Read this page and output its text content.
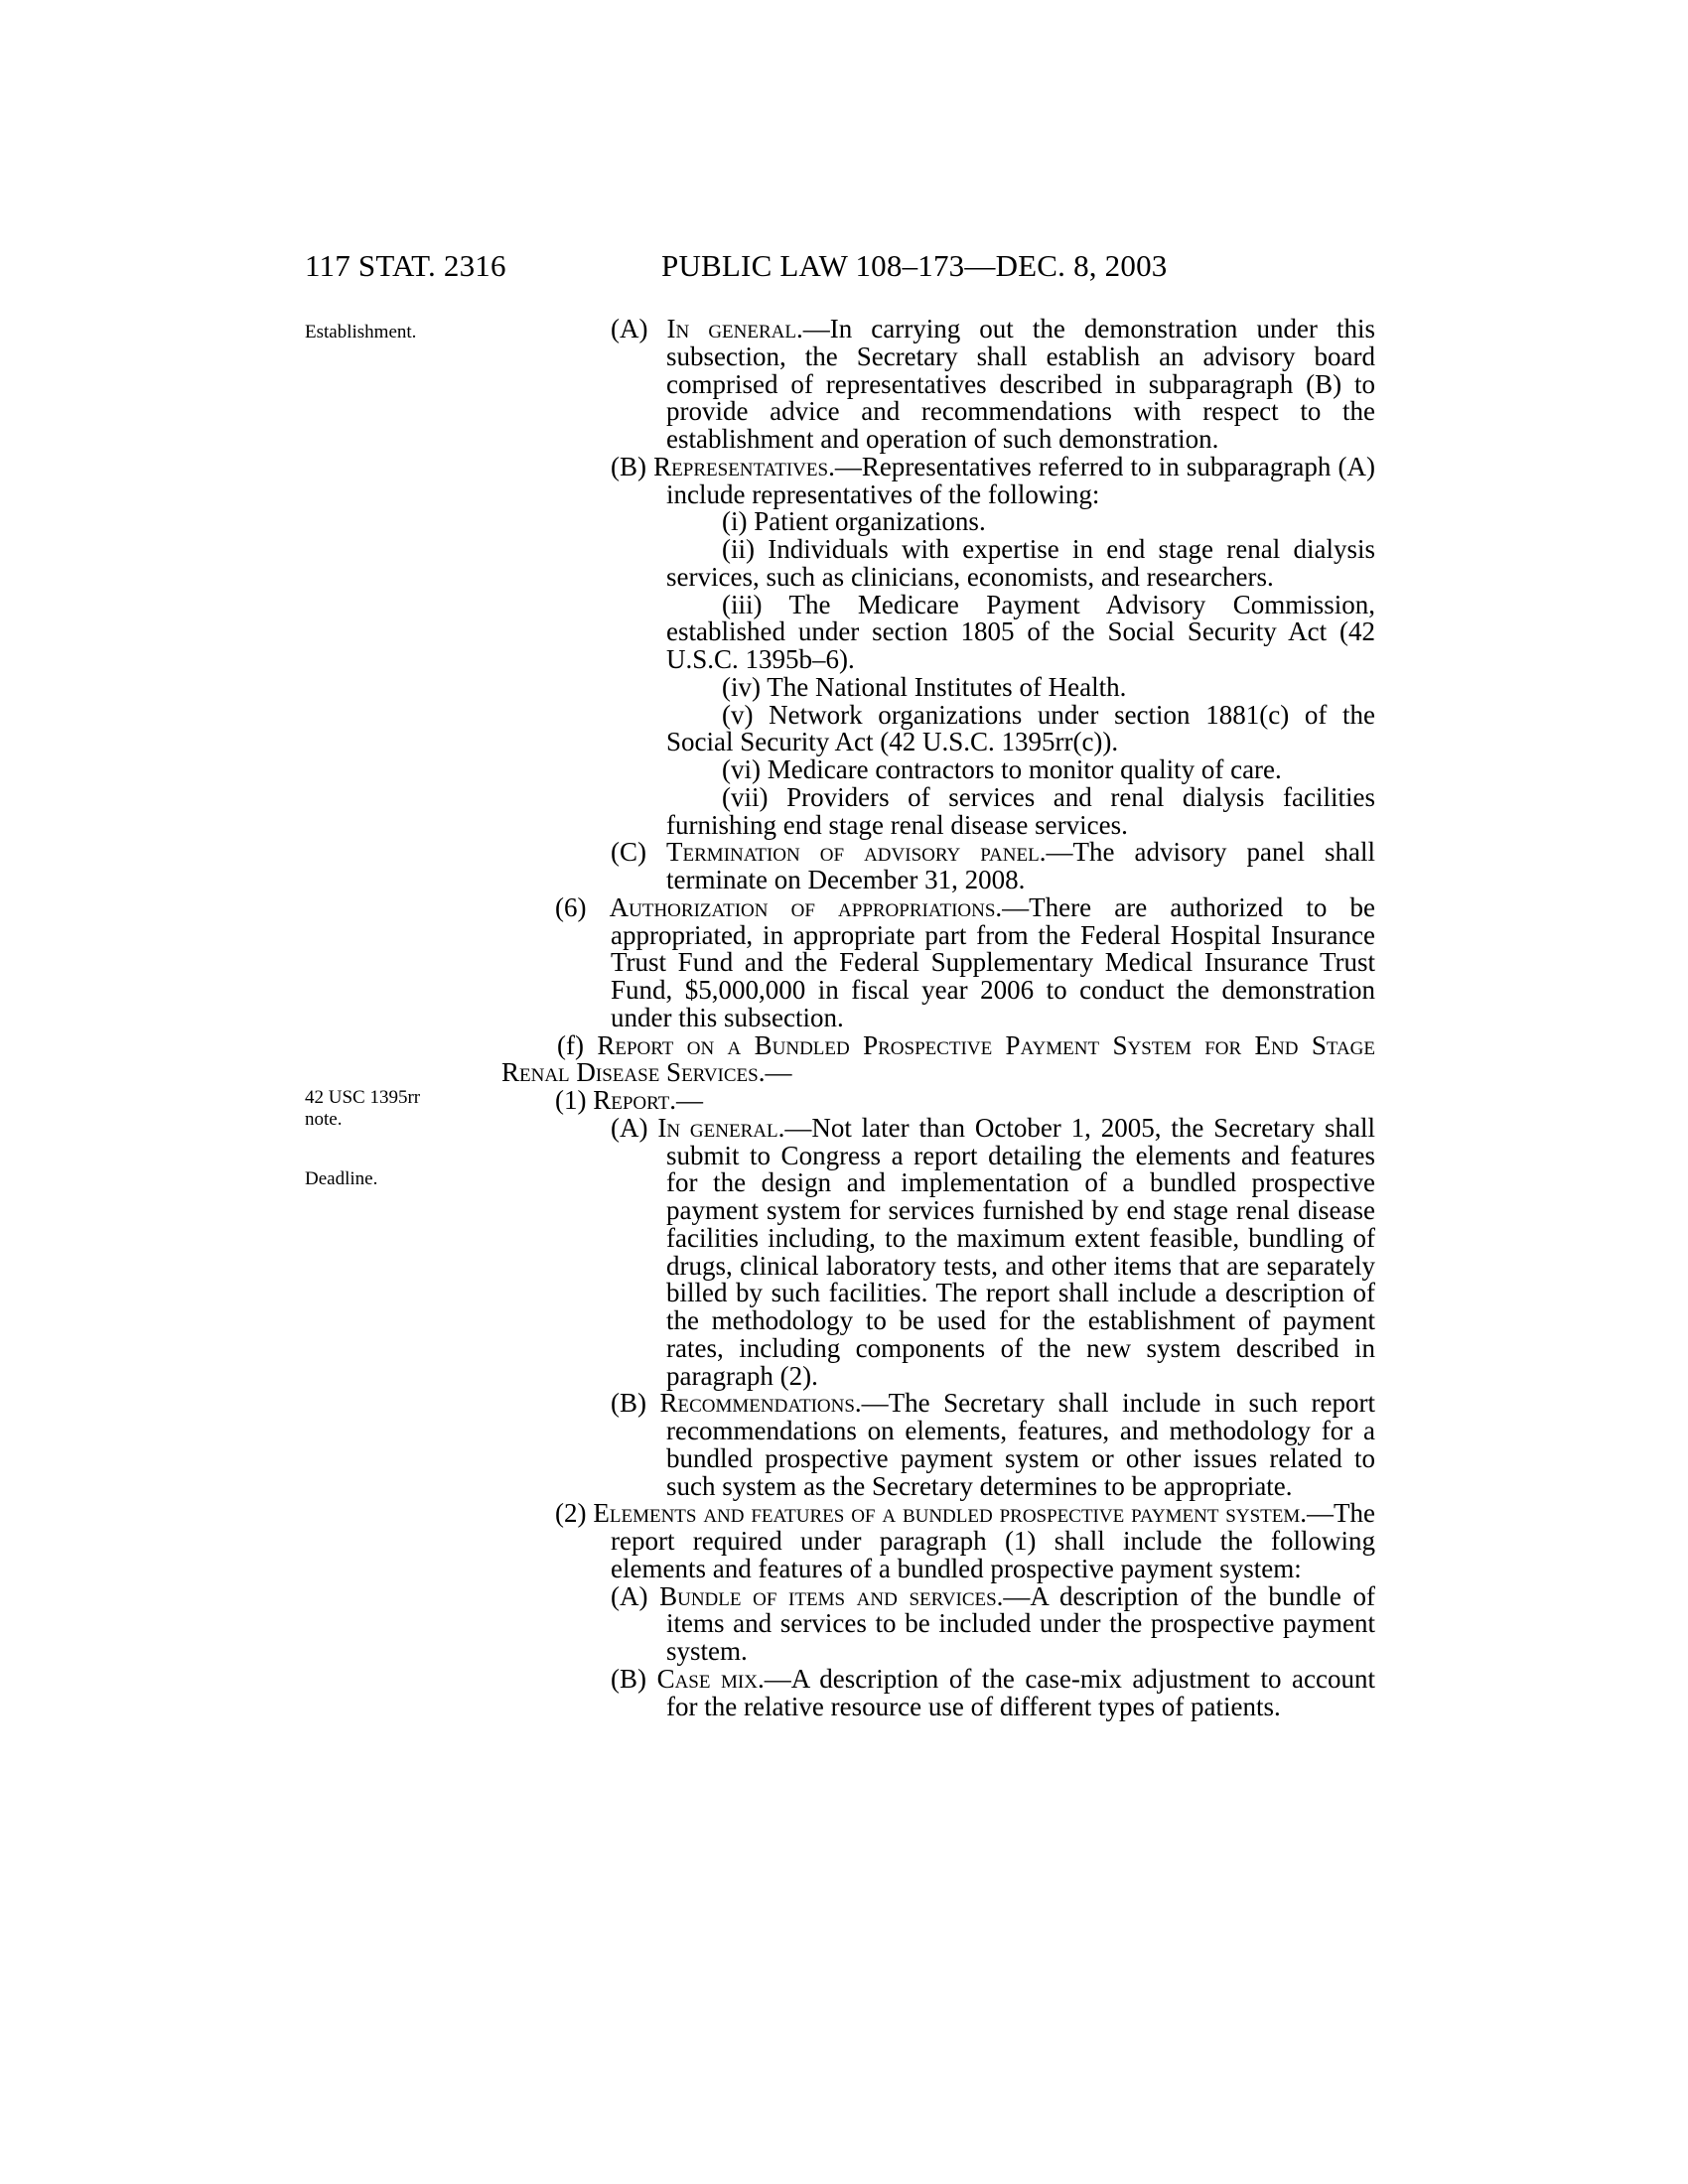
117 STAT. 2316	PUBLIC LAW 108–173—DEC. 8, 2003
Establishment.
42 USC 1395rr
note.
Deadline.
(A) In general.—In carrying out the demonstration under this subsection, the Secretary shall establish an advisory board comprised of representatives described in subparagraph (B) to provide advice and recommendations with respect to the establishment and operation of such demonstration.
(B) Representatives.—Representatives referred to in subparagraph (A) include representatives of the following:
(i) Patient organizations.
(ii) Individuals with expertise in end stage renal dialysis services, such as clinicians, economists, and researchers.
(iii) The Medicare Payment Advisory Commission, established under section 1805 of the Social Security Act (42 U.S.C. 1395b–6).
(iv) The National Institutes of Health.
(v) Network organizations under section 1881(c) of the Social Security Act (42 U.S.C. 1395rr(c)).
(vi) Medicare contractors to monitor quality of care.
(vii) Providers of services and renal dialysis facilities furnishing end stage renal disease services.
(C) Termination of advisory panel.—The advisory panel shall terminate on December 31, 2008.
(6) Authorization of appropriations.—There are authorized to be appropriated, in appropriate part from the Federal Hospital Insurance Trust Fund and the Federal Supplementary Medical Insurance Trust Fund, $5,000,000 in fiscal year 2006 to conduct the demonstration under this subsection.
(f) Report on a Bundled Prospective Payment System for End Stage Renal Disease Services.—
(1) Report.—
(A) In general.—Not later than October 1, 2005, the Secretary shall submit to Congress a report detailing the elements and features for the design and implementation of a bundled prospective payment system for services furnished by end stage renal disease facilities including, to the maximum extent feasible, bundling of drugs, clinical laboratory tests, and other items that are separately billed by such facilities. The report shall include a description of the methodology to be used for the establishment of payment rates, including components of the new system described in paragraph (2).
(B) Recommendations.—The Secretary shall include in such report recommendations on elements, features, and methodology for a bundled prospective payment system or other issues related to such system as the Secretary determines to be appropriate.
(2) Elements and features of a bundled prospective payment system.—The report required under paragraph (1) shall include the following elements and features of a bundled prospective payment system:
(A) Bundle of items and services.—A description of the bundle of items and services to be included under the prospective payment system.
(B) Case mix.—A description of the case-mix adjustment to account for the relative resource use of different types of patients.
